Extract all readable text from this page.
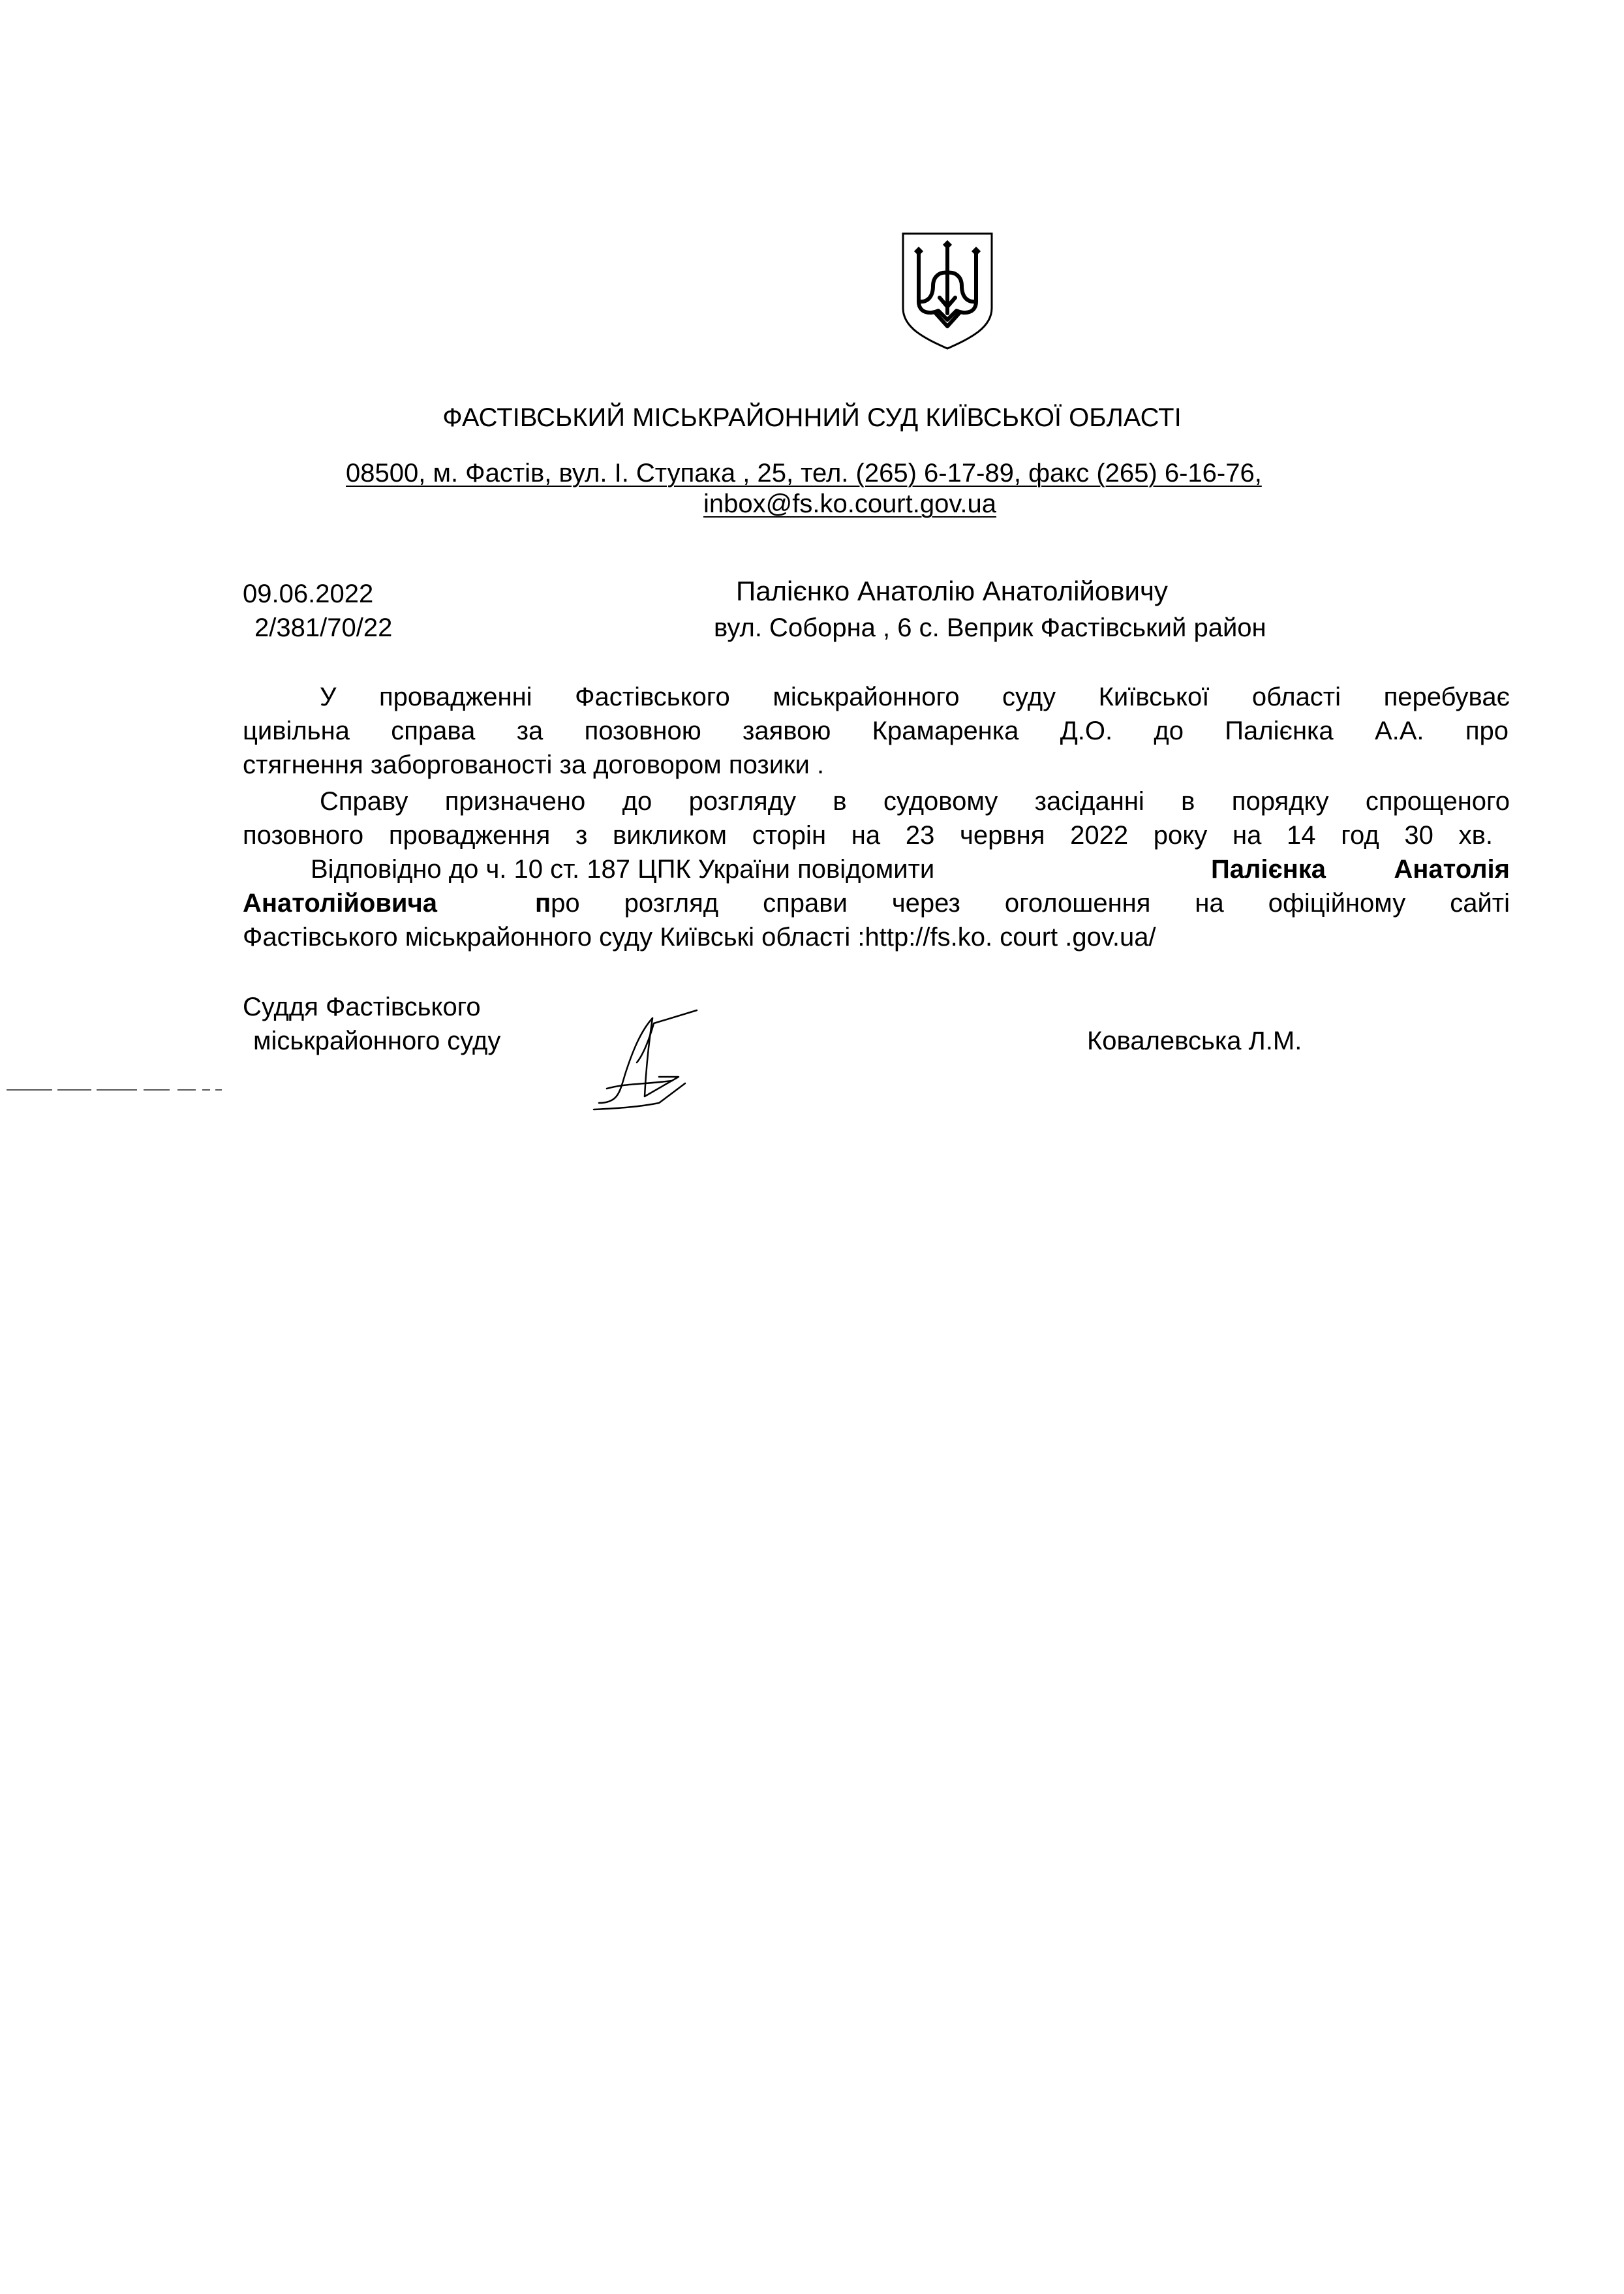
ФАСТІВСЬКИЙ МІСЬКРАЙОННИЙ СУД КИЇВСЬКОЇ ОБЛАСТІ
08500, м. Фастів, вул. І. Ступака , 25, тел. (265) 6-17-89, факс (265) 6-16-76,
inbox@fs.ko.court.gov.ua
09.06.2022
2/381/70/22
Палієнко Анатолію Анатолійовичу
вул. Соборна , 6 с. Веприк Фастівський район
У провадженні Фастівського міськрайонного суду Київської області перебуває
цивільна справа за позовною заявою Крамаренка Д.О. до Палієнка А.А. про
стягнення заборгованості за договором позики .
Справу призначено до розгляду в судовому засіданні в порядку спрощеного
позовного провадження з викликом сторін на 23 червня 2022 року на 14 год 30 хв.
Відповідно до ч. 10 ст. 187 ЦПК України повідомити	Палієнка Анатолія
Анатолійовича	про розгляд справи через оголошення на офіційному сайті
Фастівського міськрайонного суду Київські області :http://fs.ko. court .gov.ua/
Суддя Фастівського
міськрайонного суду	Ковалевська Л.М.
